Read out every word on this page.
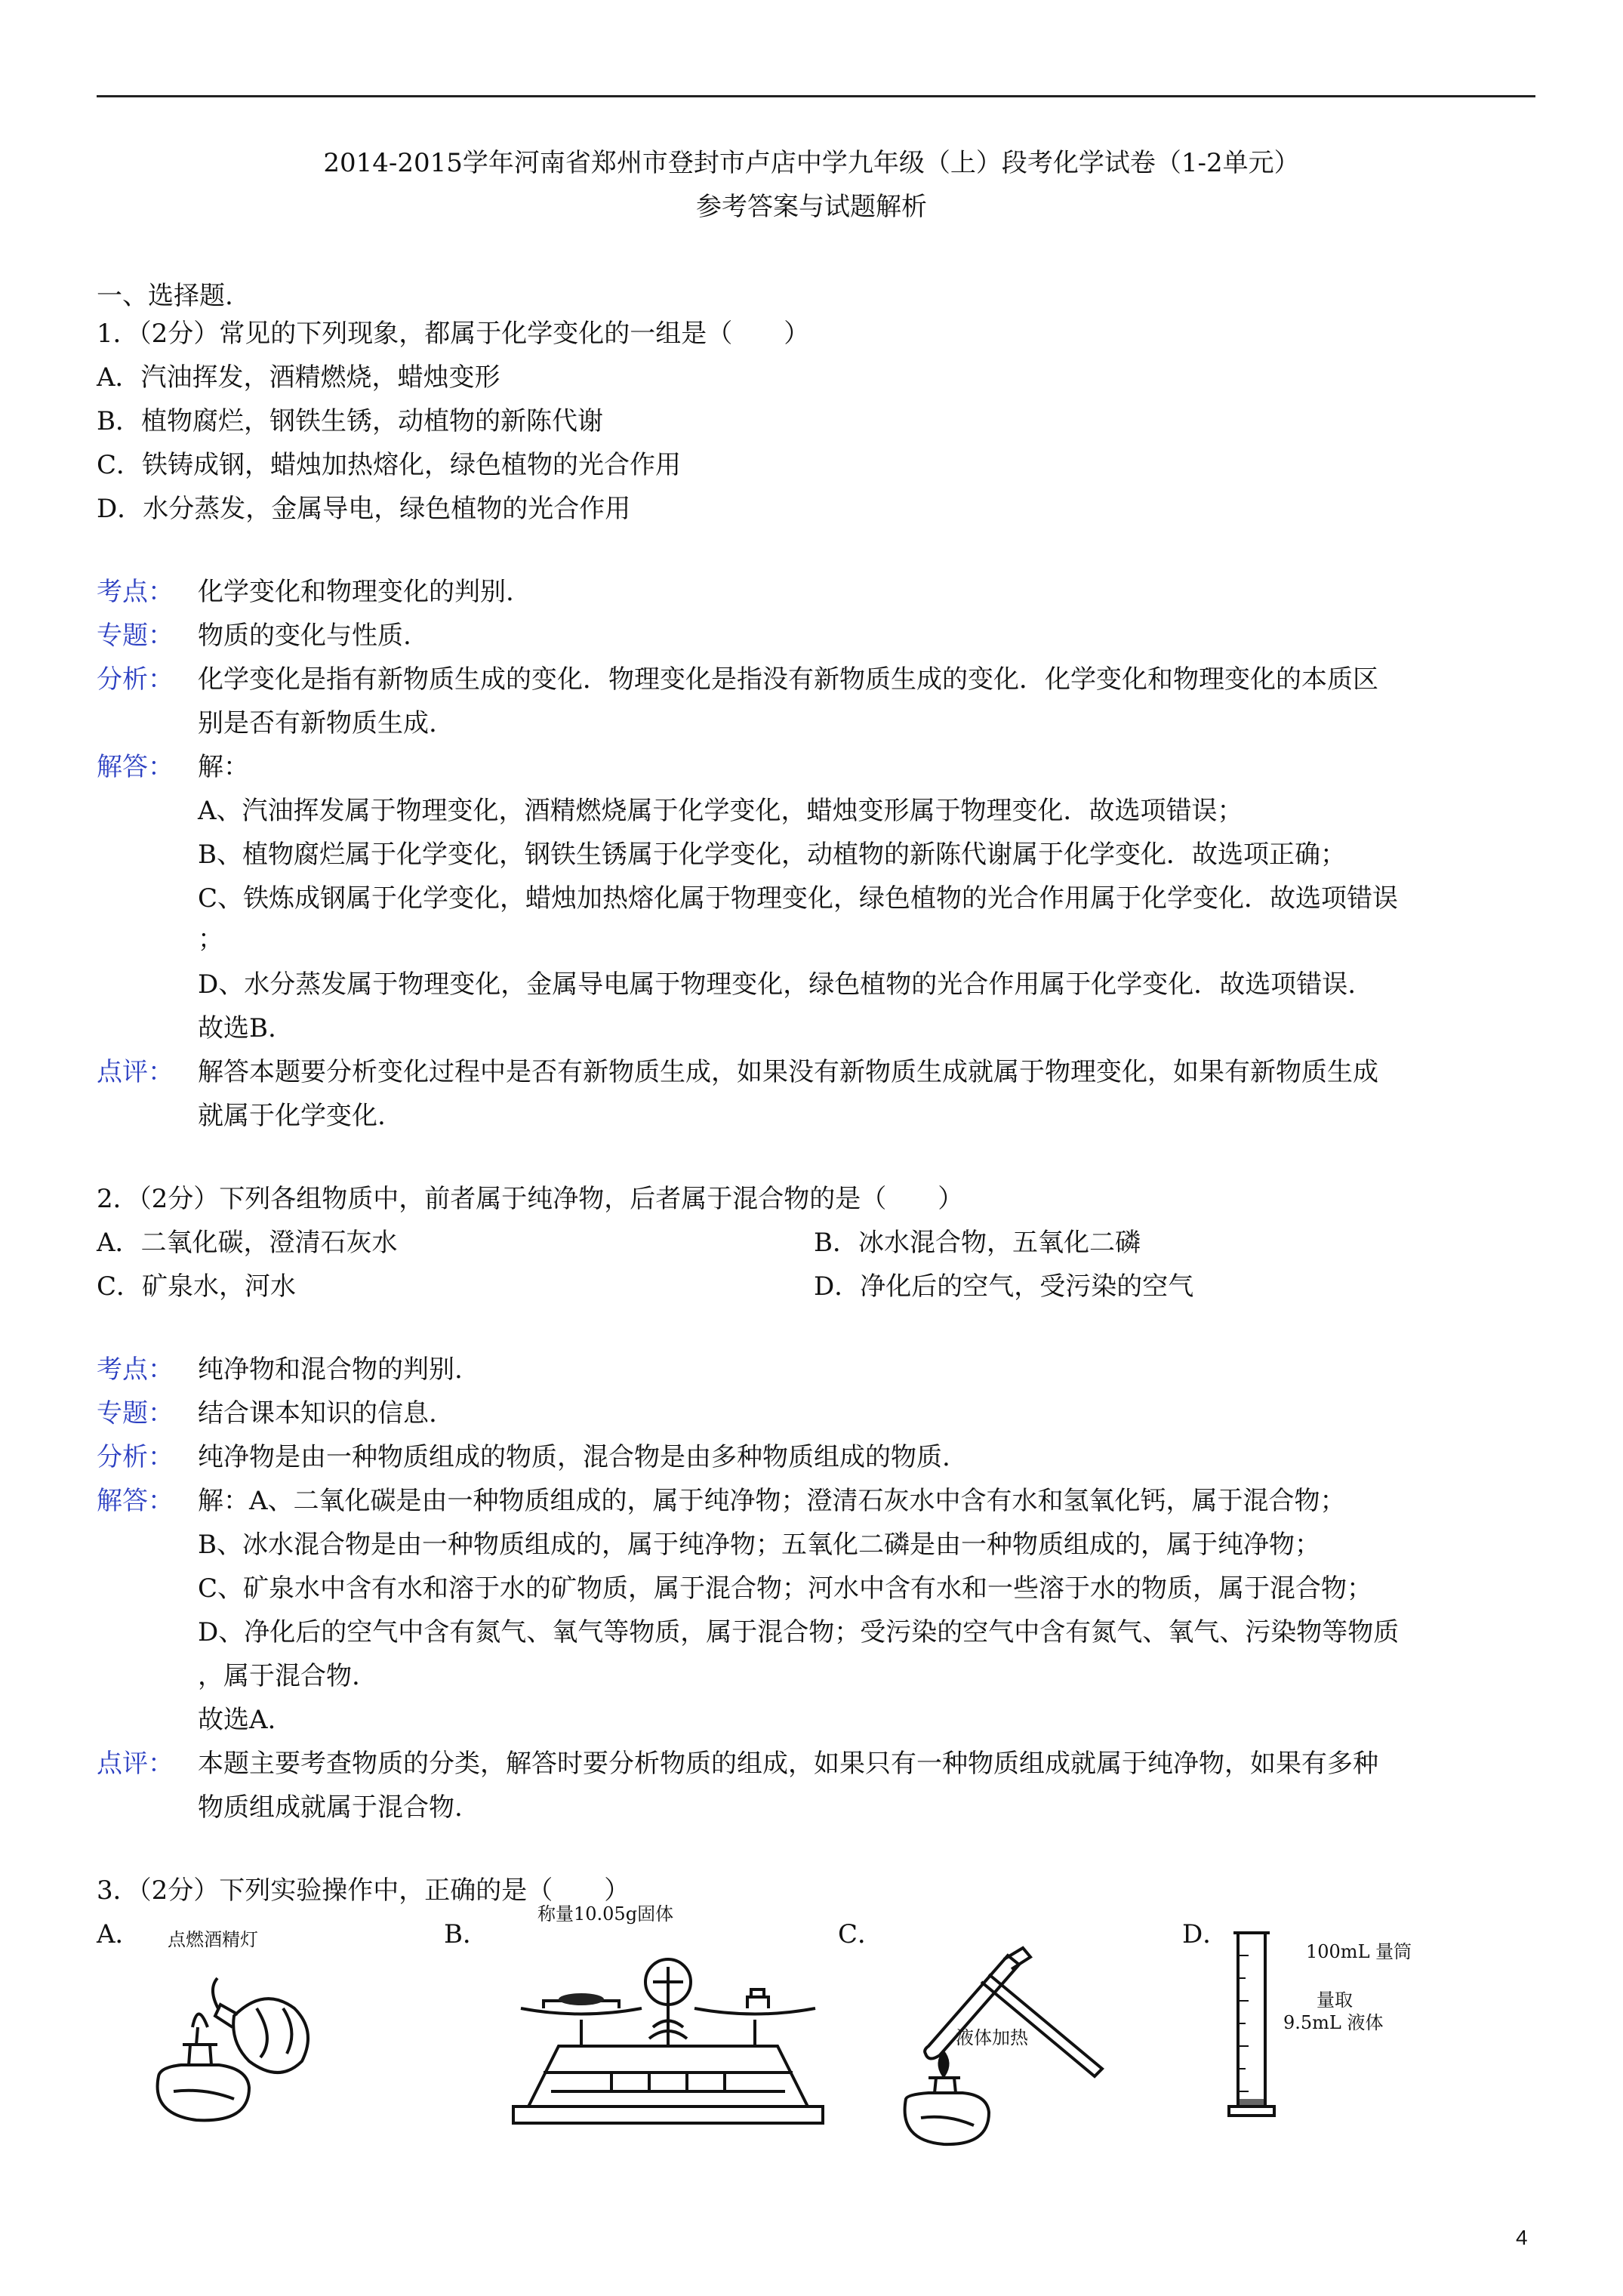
2014-2015学年河南省郑州市登封市卢店中学九年级（上）段考化学试卷（1-2单元）
参考答案与试题解析
一、选择题.
1．（2分）常见的下列现象，都属于化学变化的一组是（　　）
A．汽油挥发，酒精燃烧，蜡烛变形
B．植物腐烂，钢铁生锈，动植物的新陈代谢
C．铁铸成钢，蜡烛加热熔化，绿色植物的光合作用
D．水分蒸发，金属导电，绿色植物的光合作用
考点： 化学变化和物理变化的判别.
专题： 物质的变化与性质.
分析： 化学变化是指有新物质生成的变化．物理变化是指没有新物质生成的变化．化学变化和物理变化的本质区
别是否有新物质生成.
解答： 解：
A、汽油挥发属于物理变化，酒精燃烧属于化学变化，蜡烛变形属于物理变化．故选项错误；
B、植物腐烂属于化学变化，钢铁生锈属于化学变化，动植物的新陈代谢属于化学变化．故选项正确；
C、铁炼成钢属于化学变化，蜡烛加热熔化属于物理变化，绿色植物的光合作用属于化学变化．故选项错误
；
D、水分蒸发属于物理变化，金属导电属于物理变化，绿色植物的光合作用属于化学变化．故选项错误.
故选B.
点评： 解答本题要分析变化过程中是否有新物质生成，如果没有新物质生成就属于物理变化，如果有新物质生成
就属于化学变化.
2．（2分）下列各组物质中，前者属于纯净物，后者属于混合物的是（　　）
A．二氧化碳，澄清石灰水	B．冰水混合物，五氧化二磷
C．矿泉水，河水	D．净化后的空气，受污染的空气
考点： 纯净物和混合物的判别.
专题： 结合课本知识的信息.
分析： 纯净物是由一种物质组成的物质，混合物是由多种物质组成的物质.
解答： 解：A、二氧化碳是由一种物质组成的，属于纯净物；澄清石灰水中含有水和氢氧化钙，属于混合物；
B、冰水混合物是由一种物质组成的，属于纯净物；五氧化二磷是由一种物质组成的，属于纯净物；
C、矿泉水中含有水和溶于水的矿物质，属于混合物；河水中含有水和一些溶于水的物质，属于混合物；
D、净化后的空气中含有氮气、氧气等物质，属于混合物；受污染的空气中含有氮气、氧气、污染物等物质
，属于混合物.
故选A.
点评： 本题主要考查物质的分类，解答时要分析物质的组成，如果只有一种物质组成就属于纯净物，如果有多种
物质组成就属于混合物.
3．（2分）下列实验操作中，正确的是（　　）
A． 点燃酒精灯	B．
称量10.05g固体
C．
液体加热
D．
100mL 量筒
量取
9.5mL 液体
4
